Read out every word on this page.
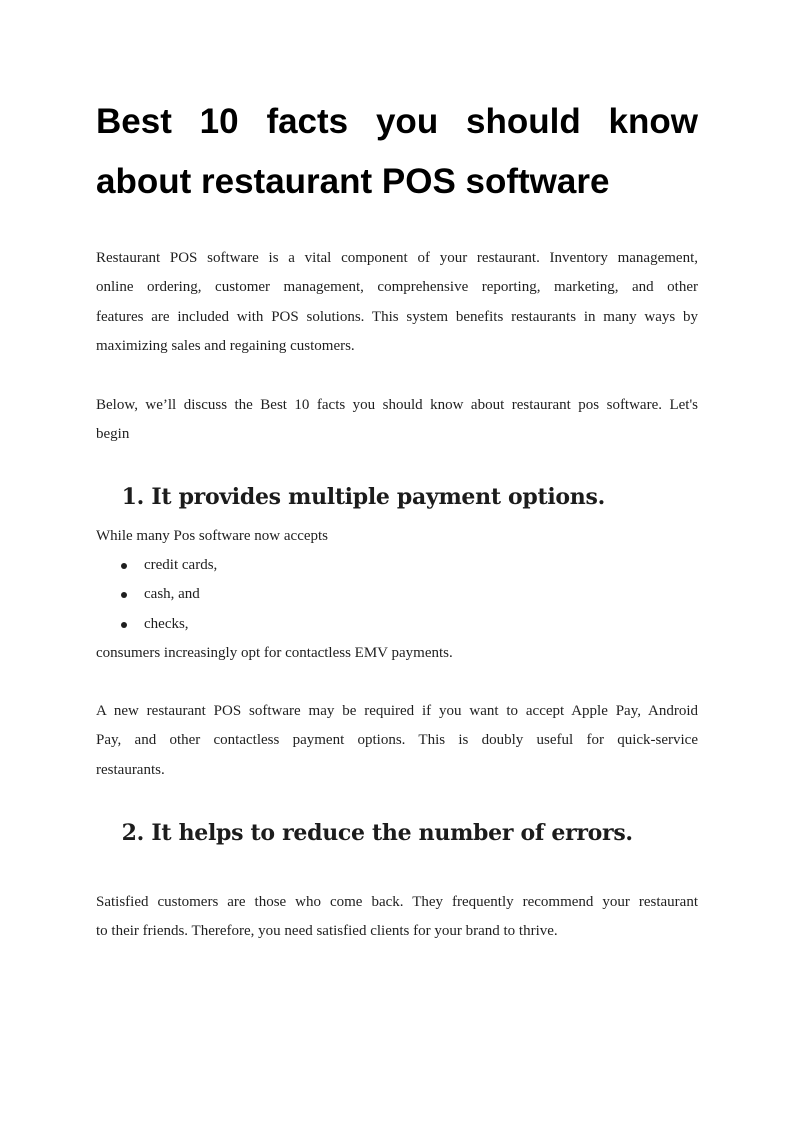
Best 10 facts you should know
about restaurant POS software

Restaurant POS software is a vital component of your restaurant. Inventory management,
online ordering, customer management, comprehensive reporting, marketing, and other
features are included with POS solutions. This system benefits restaurants in many ways by
maximizing sales and regaining customers.

Below, we’ll discuss the Best 10 facts you should know about restaurant pos software. Let's
begin

1. It provides multiple payment options.

While many Pos software now accepts

credit cards,
cash, and
checks,

consumers increasingly opt for contactless EMV payments.

A new restaurant POS software may be required if you want to accept Apple Pay, Android
Pay, and other contactless payment options. This is doubly useful for quick-service
restaurants.

2. It helps to reduce the number of errors.

Satisfied customers are those who come back. They frequently recommend your restaurant
to their friends. Therefore, you need satisfied clients for your brand to thrive.
